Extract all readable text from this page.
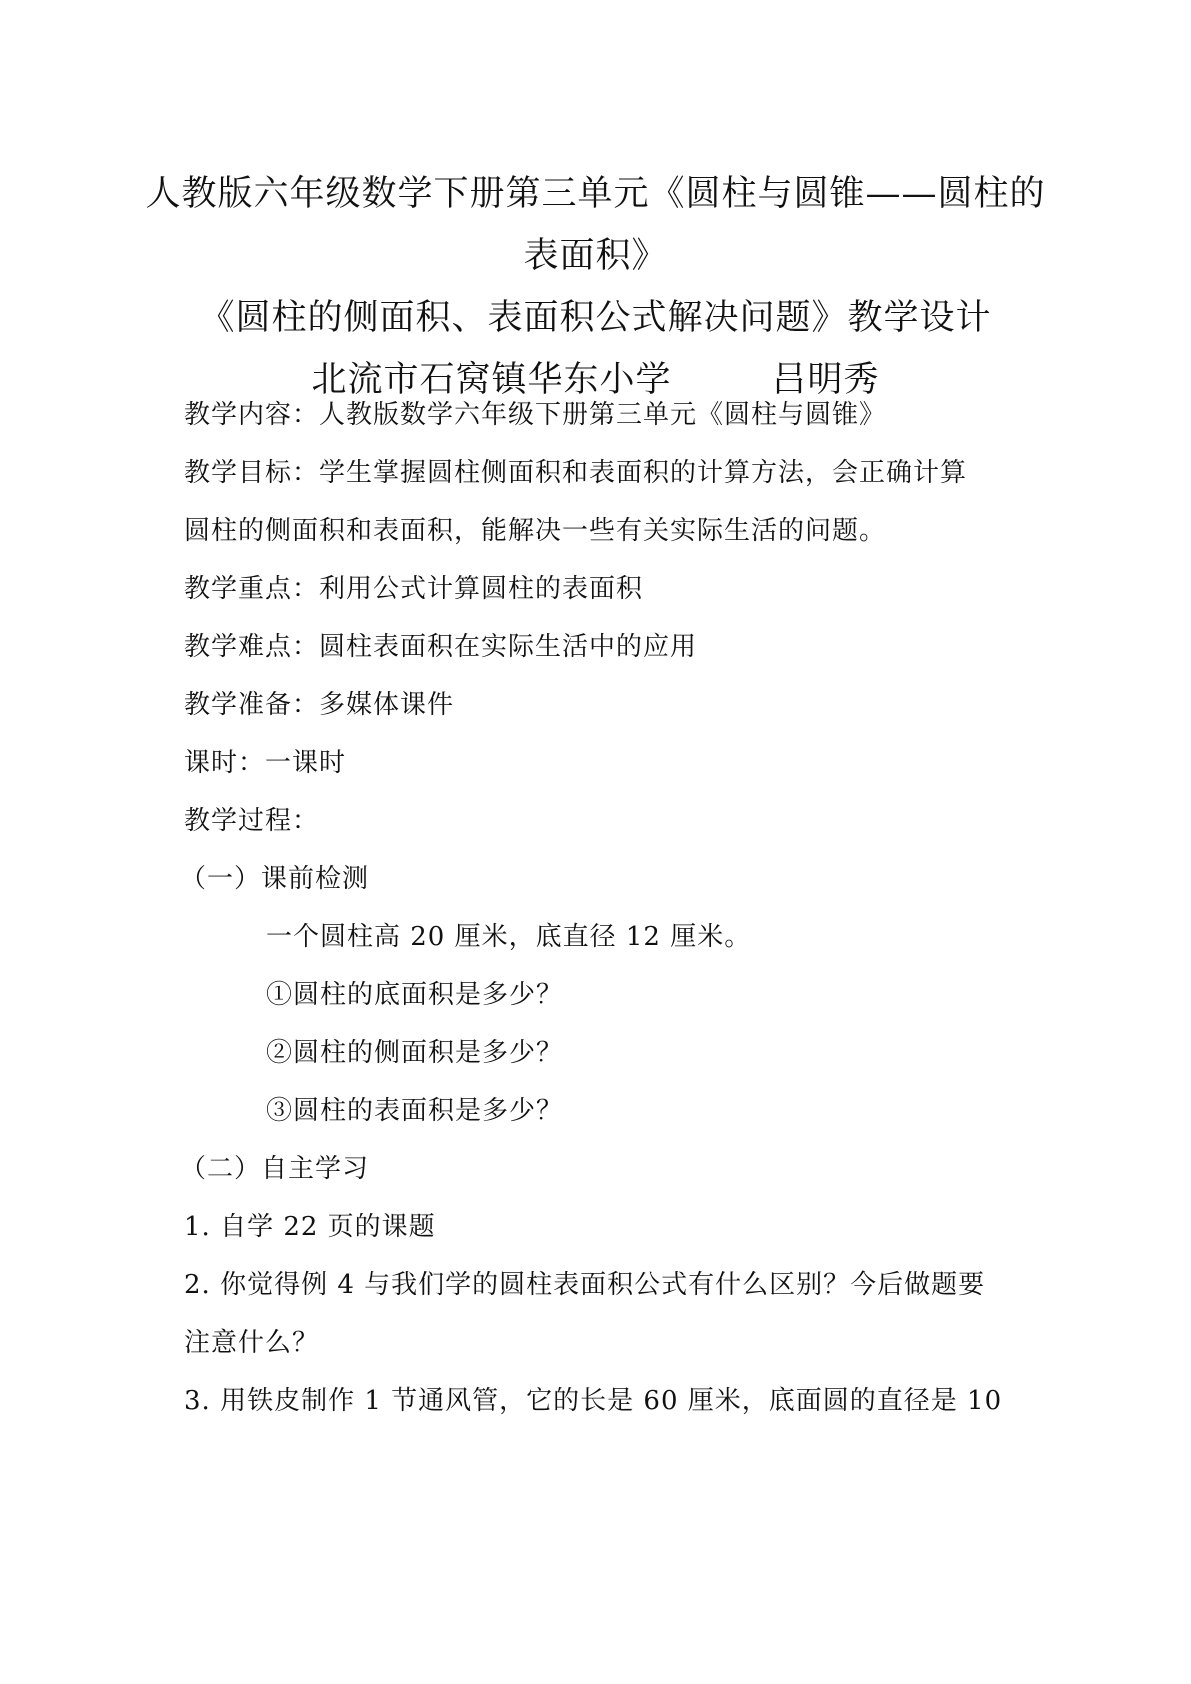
人教版六年级数学下册第三单元《圆柱与圆锥——圆柱的
表面积》
《圆柱的侧面积、表面积公式解决问题》教学设计
北流市石窝镇华东小学	吕明秀
教学内容：人教版数学六年级下册第三单元《圆柱与圆锥》
教学目标：学生掌握圆柱侧面积和表面积的计算方法，会正确计算
圆柱的侧面积和表面积，能解决一些有关实际生活的问题。
教学重点：利用公式计算圆柱的表面积
教学难点：圆柱表面积在实际生活中的应用
教学准备：多媒体课件
课时：一课时
教学过程：
（一）课前检测
一个圆柱高 20 厘米，底直径 12 厘米。
①圆柱的底面积是多少？
②圆柱的侧面积是多少？
③圆柱的表面积是多少？
（二）自主学习
1. 自学 22 页的课题
2. 你觉得例 4 与我们学的圆柱表面积公式有什么区别？今后做题要
注意什么？
3. 用铁皮制作 1 节通风管，它的长是 60 厘米，底面圆的直径是 10
